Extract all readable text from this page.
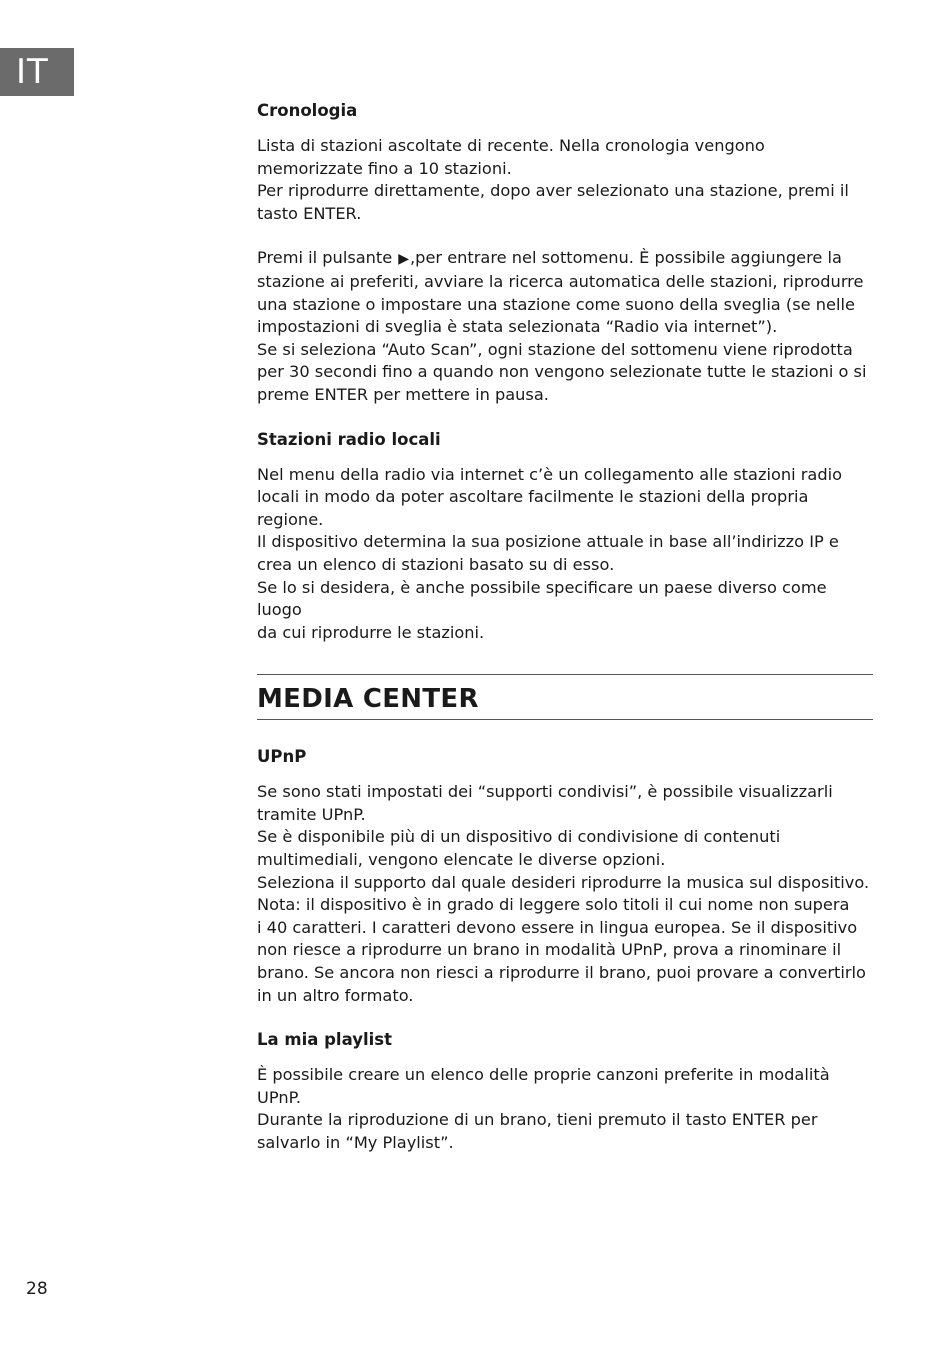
IT
Cronologia

Lista di stazioni ascoltate di recente. Nella cronologia vengono
memorizzate fino a 10 stazioni.
Per riprodurre direttamente, dopo aver selezionato una stazione, premi il
tasto ENTER.

Premi il pulsante ▶,per entrare nel sottomenu. È possibile aggiungere la
stazione ai preferiti, avviare la ricerca automatica delle stazioni, riprodurre
una stazione o impostare una stazione come suono della sveglia (se nelle
impostazioni di sveglia è stata selezionata “Radio via internet”).
Se si seleziona “Auto Scan”, ogni stazione del sottomenu viene riprodotta
per 30 secondi fino a quando non vengono selezionate tutte le stazioni o si
preme ENTER per mettere in pausa.

Stazioni radio locali

Nel menu della radio via internet c’è un collegamento alle stazioni radio
locali in modo da poter ascoltare facilmente le stazioni della propria
regione.
Il dispositivo determina la sua posizione attuale in base all’indirizzo IP e
crea un elenco di stazioni basato su di esso.
Se lo si desidera, è anche possibile specificare un paese diverso come luogo
da cui riprodurre le stazioni.

MEDIA CENTER
UPnP

Se sono stati impostati dei “supporti condivisi”, è possibile visualizzarli
tramite UPnP.
Se è disponibile più di un dispositivo di condivisione di contenuti
multimediali, vengono elencate le diverse opzioni.
Seleziona il supporto dal quale desideri riprodurre la musica sul dispositivo.
Nota: il dispositivo è in grado di leggere solo titoli il cui nome non supera
i 40 caratteri. I caratteri devono essere in lingua europea. Se il dispositivo
non riesce a riprodurre un brano in modalità UPnP, prova a rinominare il
brano. Se ancora non riesci a riprodurre il brano, puoi provare a convertirlo
in un altro formato.

La mia playlist

È possibile creare un elenco delle proprie canzoni preferite in modalità
UPnP.
Durante la riproduzione di un brano, tieni premuto il tasto ENTER per
salvarlo in “My Playlist”.

28
